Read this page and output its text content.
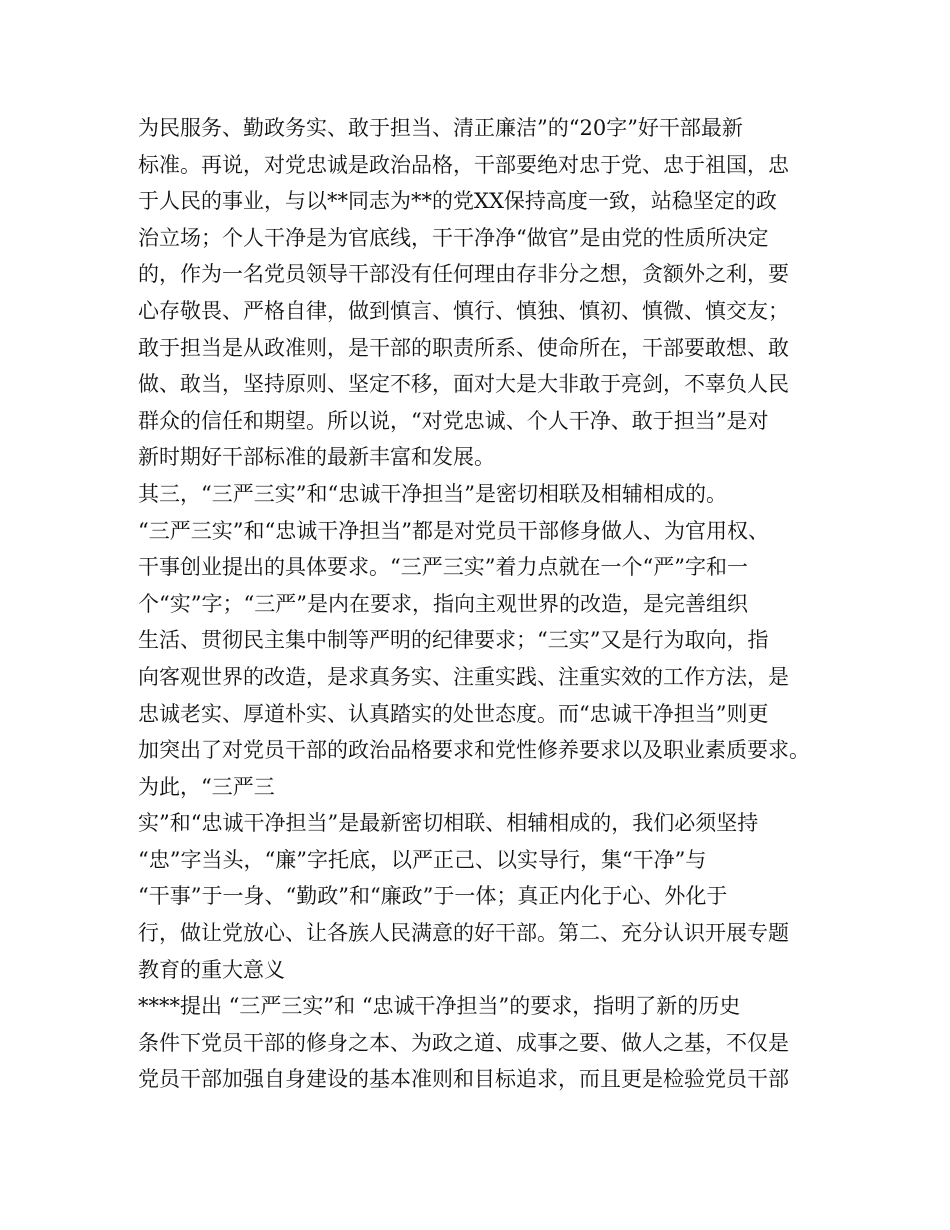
为民服务、勤政务实、敢于担当、清正廉洁”的“20字”好干部最新
标准。再说，对党忠诚是政治品格，干部要绝对忠于党、忠于祖国，忠
于人民的事业，与以**同志为**的党XX保持高度一致，站稳坚定的政
治立场；个人干净是为官底线，干干净净“做官”是由党的性质所决定
的，作为一名党员领导干部没有任何理由存非分之想，贪额外之利，要
心存敬畏、严格自律，做到慎言、慎行、慎独、慎初、慎微、慎交友；
敢于担当是从政准则，是干部的职责所系、使命所在，干部要敢想、敢
做、敢当，坚持原则、坚定不移，面对大是大非敢于亮剑，不辜负人民
群众的信任和期望。所以说，“对党忠诚、个人干净、敢于担当”是对
新时期好干部标准的最新丰富和发展。
其三，“三严三实”和“忠诚干净担当”是密切相联及相辅相成的。
“三严三实”和“忠诚干净担当”都是对党员干部修身做人、为官用权、
干事创业提出的具体要求。“三严三实”着力点就在一个“严”字和一
个“实”字；“三严”是内在要求，指向主观世界的改造，是完善组织
生活、贯彻民主集中制等严明的纪律要求；“三实”又是行为取向，指
向客观世界的改造，是求真务实、注重实践、注重实效的工作方法，是
忠诚老实、厚道朴实、认真踏实的处世态度。而“忠诚干净担当”则更
加突出了对党员干部的政治品格要求和党性修养要求以及职业素质要求。
为此，“三严三
实”和“忠诚干净担当”是最新密切相联、相辅相成的，我们必须坚持
“忠”字当头，“廉”字托底，以严正己、以实导行，集“干净”与
“干事”于一身、“勤政”和“廉政”于一体；真正内化于心、外化于
行，做让党放心、让各族人民满意的好干部。第二、充分认识开展专题
教育的重大意义
****提出 “三严三实”和 “忠诚干净担当”的要求，指明了新的历史
条件下党员干部的修身之本、为政之道、成事之要、做人之基，不仅是
党员干部加强自身建设的基本准则和目标追求，而且更是检验党员干部
